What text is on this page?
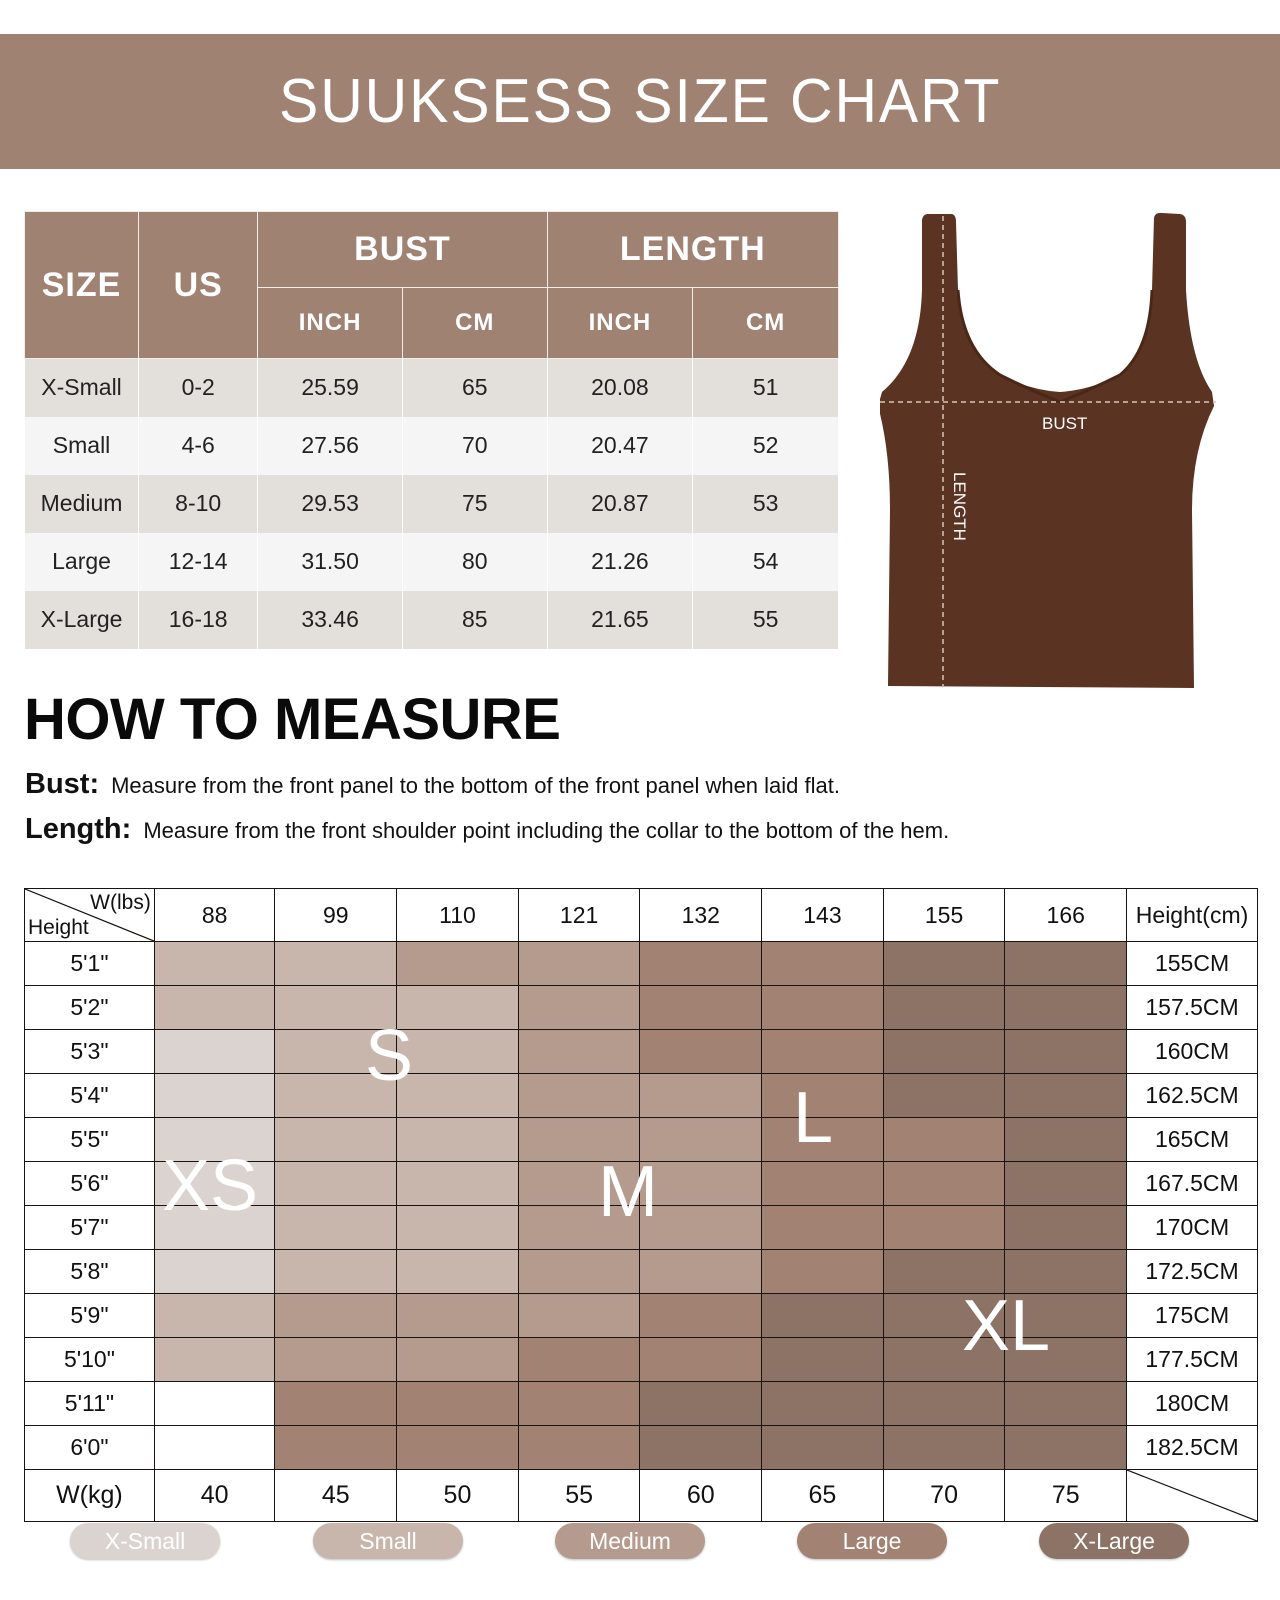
SUUKSESS SIZE CHART
SIZE	US	BUST		LENGTH	
		INCH	CM	INCH	CM
X-Small	0-2	25.59	65	20.08	51
Small	4-6	27.56	70	20.47	52
Medium	8-10	29.53	75	20.87	53
Large	12-14	31.50	80	21.26	54
X-Large	16-18	33.46	85	21.65	55
BUST
LENGTH
HOW TO MEASURE
Bust: Measure from the front panel to the bottom of the front panel when laid flat.
Length: Measure from the front shoulder point including the collar to the bottom of the hem.
W(lbs)
Height	88	99	110	121	132	143	155	166	Height(cm)
5'1"									155CM
5'2"									157.5CM
5'3"									160CM
5'4"									162.5CM
5'5"									165CM
5'6"									167.5CM
5'7"									170CM
5'8"									172.5CM
5'9"									175CM
5'10"									177.5CM
5'11"									180CM
6'0"									182.5CM
W(kg)	40	45	50	55	60	65	70	75	
XS
S
M
L
XL
X-Small	Small	Medium	Large	X-Large
